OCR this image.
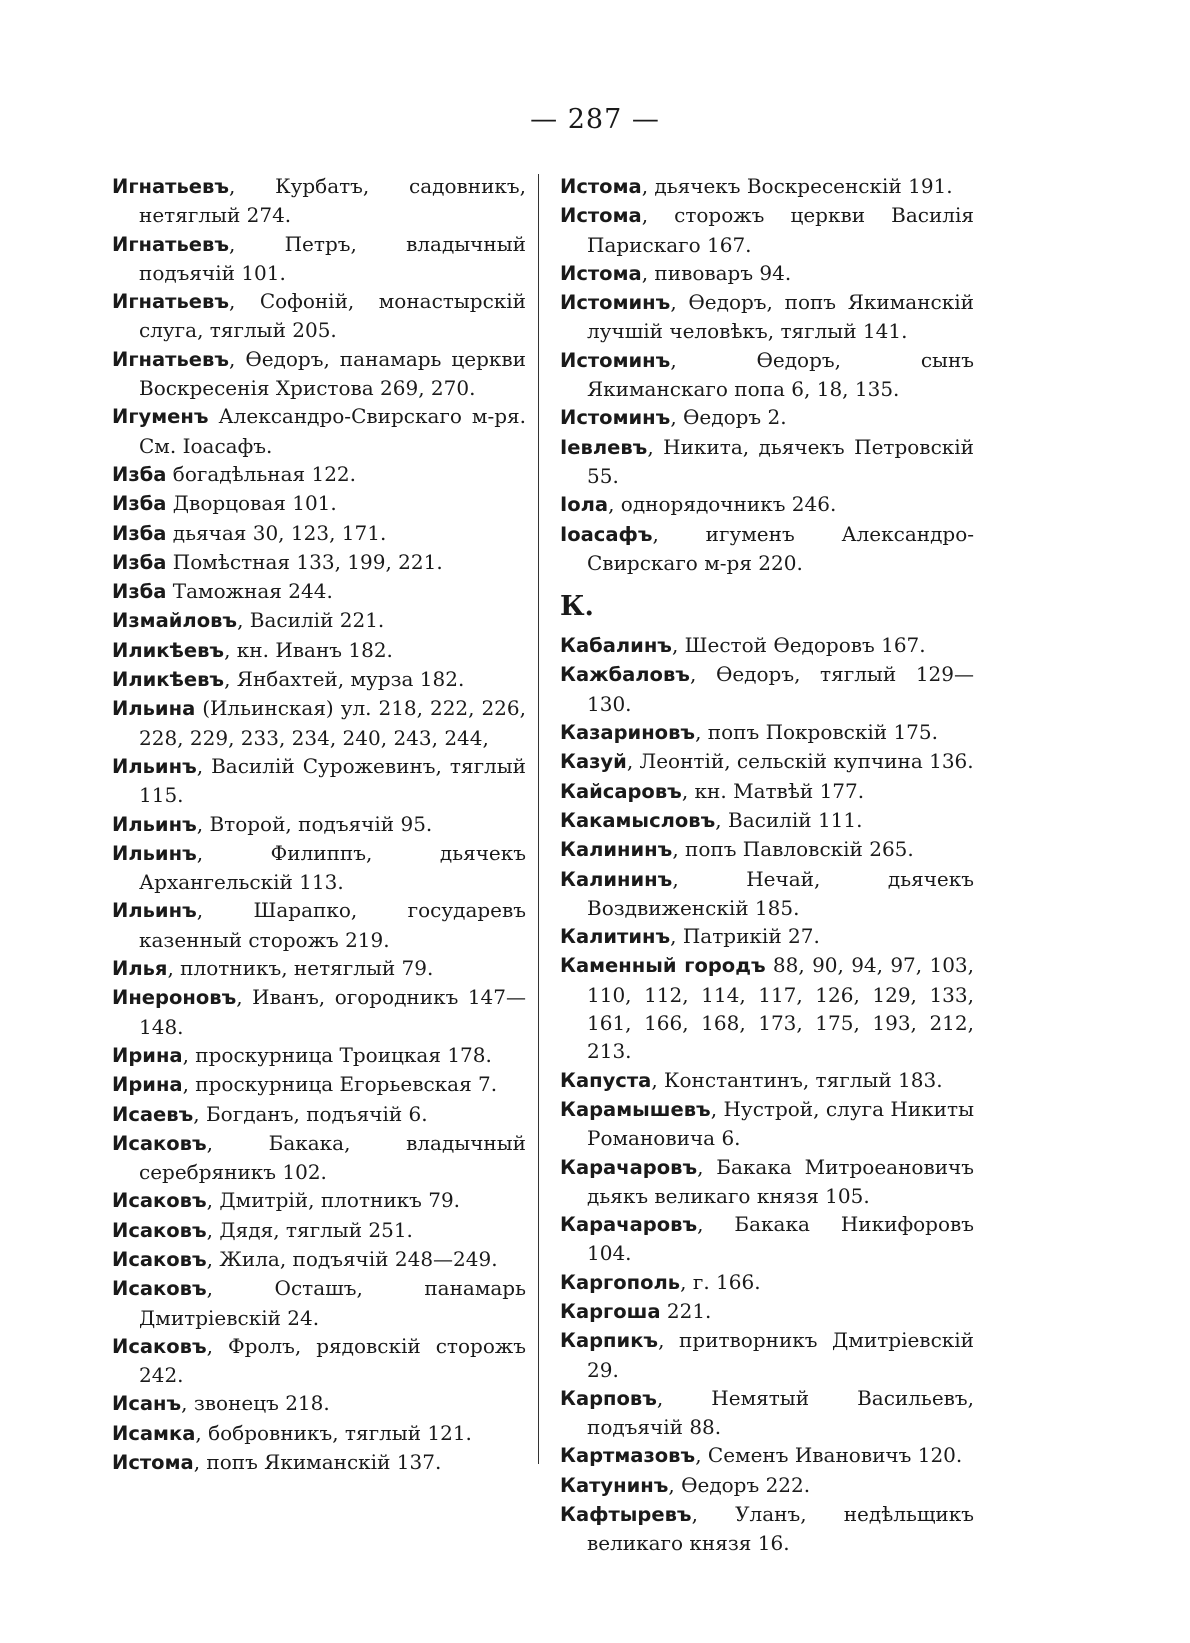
— 287 —
Игнатьевъ, Курбатъ, садовникъ, нетяглый 274.
Игнатьевъ, Петръ, владычный подъячій 101.
Игнатьевъ, Софоній, монастырскій слуга, тяглый 205.
Игнатьевъ, Өедоръ, панамарь церкви Воскресенія Христова 269, 270.
Игуменъ Александро-Свирскаго м-ря. См. Іоасафъ.
Изба богадѣльная 122.
Изба Дворцовая 101.
Изба дьячая 30, 123, 171.
Изба Помѣстная 133, 199, 221.
Изба Таможная 244.
Измайловъ, Василій 221.
Иликѣевъ, кн. Иванъ 182.
Иликѣевъ, Янбахтей, мурза 182.
Ильина (Ильинская) ул. 218, 222, 226, 228, 229, 233, 234, 240, 243, 244,
Ильинъ, Василій Сурожевинъ, тяглый 115.
Ильинъ, Второй, подъячій 95.
Ильинъ, Филиппъ, дьячекъ Архангельскій 113.
Ильинъ, Шарапко, государевъ казенный сторожъ 219.
Илья, плотникъ, нетяглый 79.
Инероновъ, Иванъ, огородникъ 147—148.
Ирина, проскурница Троицкая 178.
Ирина, проскурница Егорьевская 7.
Исаевъ, Богданъ, подъячій 6.
Исаковъ, Бакака, владычный серебряникъ 102.
Исаковъ, Дмитрій, плотникъ 79.
Исаковъ, Дядя, тяглый 251.
Исаковъ, Жила, подъячій 248—249.
Исаковъ, Осташъ, панамарь Дмитріевскій 24.
Исаковъ, Фролъ, рядовскій сторожъ 242.
Исанъ, звонецъ 218.
Исамка, бобровникъ, тяглый 121.
Истома, попъ Якиманскій 137.
Истома, дьячекъ Воскресенскій 191.
Истома, сторожъ церкви Василія Парискаго 167.
Истома, пивоваръ 94.
Истоминъ, Өедоръ, попъ Якиманскій лучшій человѣкъ, тяглый 141.
Истоминъ, Өедоръ, сынъ Якиманскаго попа 6, 18, 135.
Истоминъ, Өедоръ 2.
Іевлевъ, Никита, дьячекъ Петровскій 55.
Іола, однорядочникъ 246.
Іоасафъ, игуменъ Александро-Свирскаго м-ря 220.
К.
Кабалинъ, Шестой Өедоровъ 167.
Кажбаловъ, Өедоръ, тяглый 129—130.
Казариновъ, попъ Покровскій 175.
Казуй, Леонтій, сельскій купчина 136.
Кайсаровъ, кн. Матвѣй 177.
Какамысловъ, Василій 111.
Калининъ, попъ Павловскій 265.
Калининъ, Нечай, дьячекъ Воздвиженскій 185.
Калитинъ, Патрикій 27.
Каменный городъ 88, 90, 94, 97, 103, 110, 112, 114, 117, 126, 129, 133, 161, 166, 168, 173, 175, 193, 212, 213.
Капуста, Константинъ, тяглый 183.
Карамышевъ, Нустрой, слуга Никиты Романовича 6.
Карачаровъ, Бакака Митроеановичъ дьякъ великаго князя 105.
Карачаровъ, Бакака Никифоровъ 104.
Каргополь, г. 166.
Каргоша 221.
Карпикъ, притворникъ Дмитріевскій 29.
Карповъ, Немятый Васильевъ, подъячій 88.
Картмазовъ, Семенъ Ивановичъ 120.
Катунинъ, Өедоръ 222.
Кафтыревъ, Уланъ, недѣльщикъ великаго князя 16.
